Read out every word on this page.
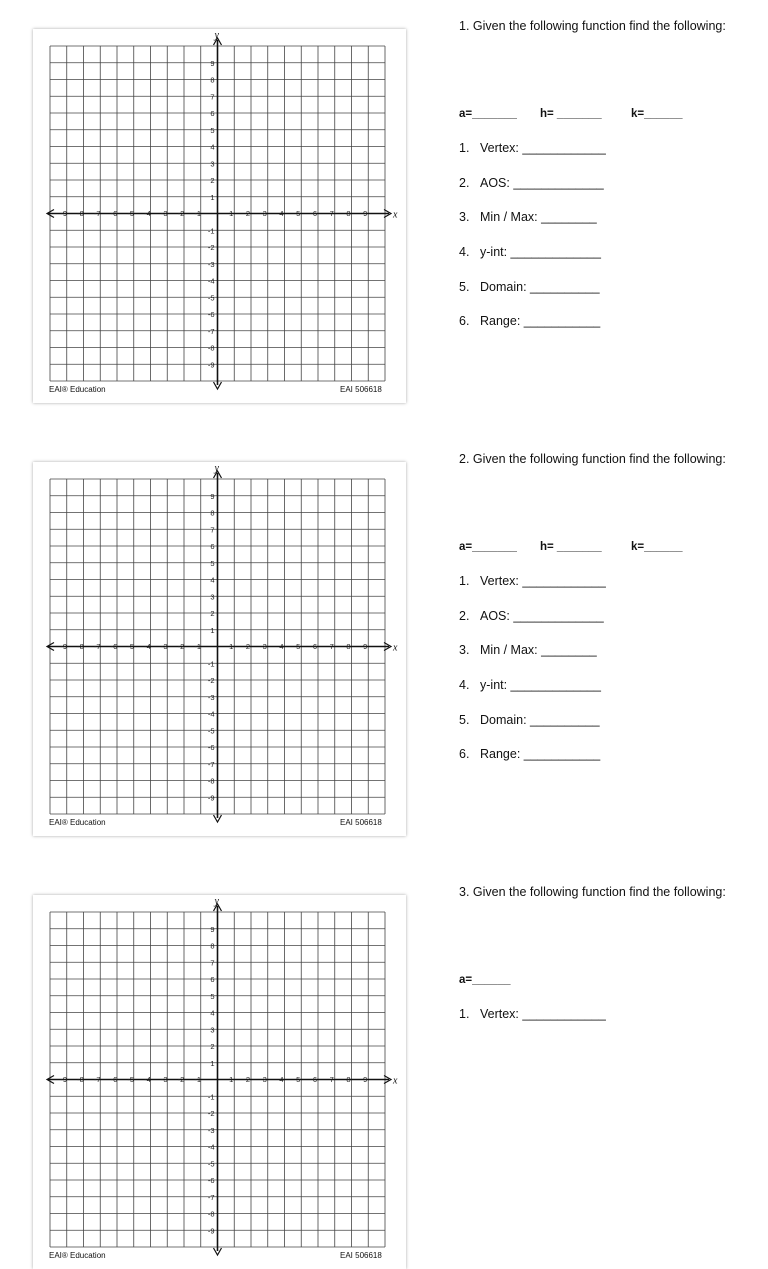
x
y
-9 -8 -7 -6 -5 -4 -3 -2 -1	1 2 3 4 5 6 7 8 9
9
8
7
6
5
4
3
2
1
-1
-2
-3
-4
-5
-6
-7
-8
-9
EAI® Education	EAI 506618
x
y
-9 -8 -7 -6 -5 -4 -3 -2 -1	1 2 3 4 5 6 7 8 9
9
8
7
6
5
4
3
2
1
-1
-2
-3
-4
-5
-6
-7
-8
-9
EAI® Education	EAI 506618
x
y
-9 -8 -7 -6 -5 -4 -3 -2 -1	1 2 3 4 5 6 7 8 9
9
8
7
6
5
4
3
2
1
-1
-2
-3
-4
-5
-6
-7
-8
-9
EAI® Education	EAI 506618

1. Given the following function find the following:

a=_______ h= _______	k=______
1. Vertex: ____________
2. AOS: _____________
3. Min / Max: ________
4. y-int: _____________
5. Domain: __________
6. Range: ___________

2. Given the following function find the following:

a=_______ h= _______	k=______
1. Vertex: ____________
2. AOS: _____________
3. Min / Max: ________
4. y-int: _____________
5. Domain: __________
6. Range: ___________

3. Given the following function find the following:

a=______
1. Vertex: ____________
